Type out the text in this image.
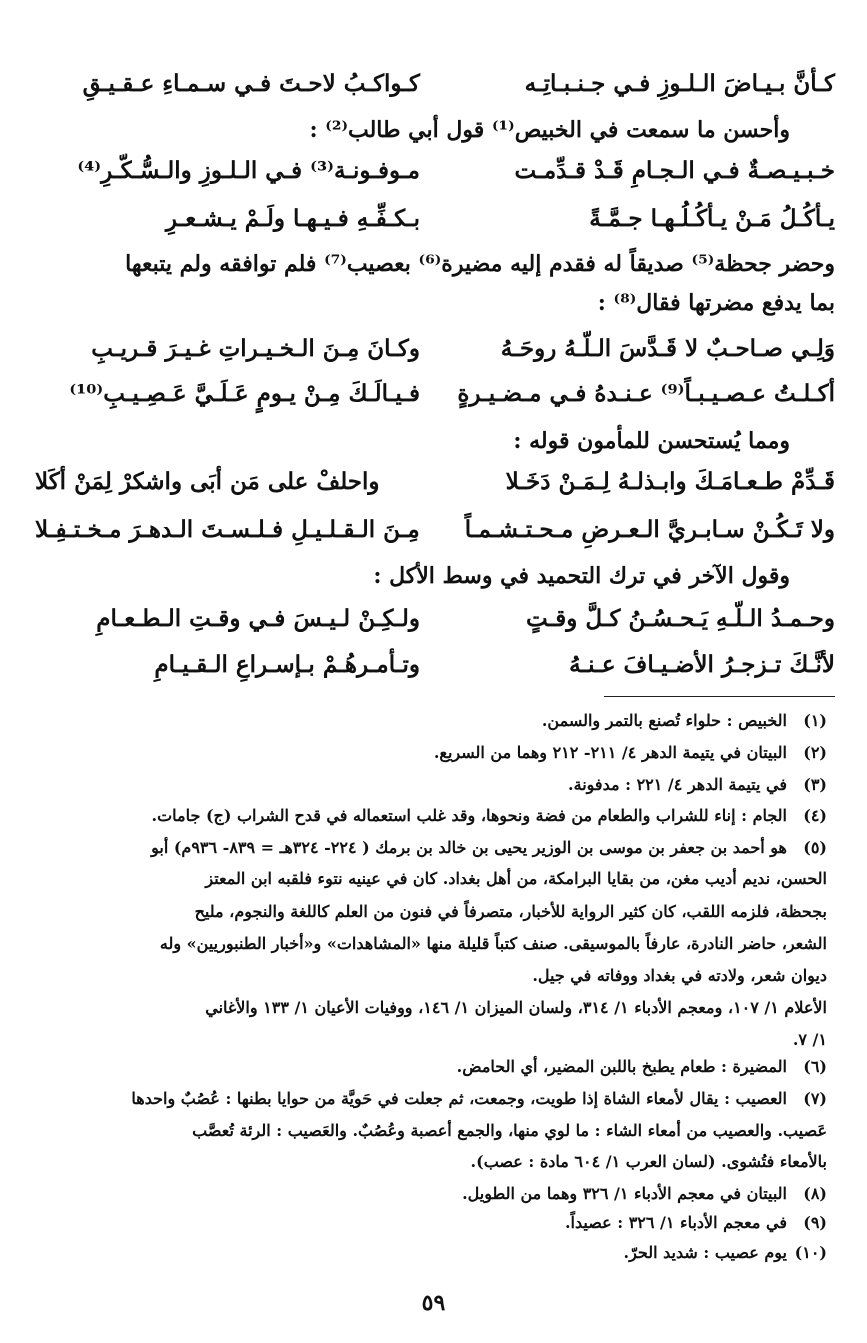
كـأنَّ بـيـاضَ الـلـوزِ فـي جـنـبـاتِـه
كـواكـبُ لاحـتَ فـي سـمـاءِ عـقـيـقِ
وأحسن ما سمعت في الخبيص⁽¹⁾ قول أبي طالب⁽²⁾ :
خـبـيـصـةٌ فـي الـجـامِ قَـدْ قـدِّمـت
مـوفـونـة⁽³⁾ فـي الـلـوزِ والـسُّـكّـرِ⁽⁴⁾
يـأكُـلُ مَـنْ يـأكُـلُـهـا جـمَّـةً
بـكـفِّـهِ فـيـهـا ولَـمْ يـشـعـرِ
وحضر جحظة⁽⁵⁾ صديقاً له فقدم إليه مضيرة⁽⁶⁾ بعصيب⁽⁷⁾ فلم توافقه ولم يتبعها
بما يدفع مضرتها فقال⁽⁸⁾ :
وَلِـي صـاحـبٌ لا قَـدَّسَ الـلّـهُ روحَـهُ
وكـانَ مِـنَ الـخـيـراتِ غـيـرَ قـريـبِ
أكـلـتُ عـصـيـبـاً⁽⁹⁾ عـنـدهُ فـي مـضـيـرةٍ
فـيـالَـكَ مِـنْ يـومٍ عَـلَـيَّ عَـصِـيـبِ⁽¹⁰⁾
ومما يُستحسن للمأمون قوله :
قَـدِّمْ طـعـامَـكَ وابـذلـهُ لِـمَـنْ دَخَـلا
واحلفْ على مَن أبَى واشكرْ لِمَنْ أكَلا
ولا تَـكُـنْ سـابـريَّ الـعـرضِ مـحـتـشـمـاً
مِـنَ الـقـلـيـلِ فـلـسـتَ الـدهـرَ مـخـتـفِـلا
وقول الآخر في ترك التحميد في وسط الأكل :
وحـمـدُ الـلّـهِ يَـحـسُـنُ كـلَّ وقـتٍ
ولـكِـنْ لـيـسَ فـي وقـتِ الـطـعـامِ
لأنَّـكَ تـزجـرُ الأضـيـافَ عـنـهُ
وتـأمـرهُـمْ بـإسـراعِ الـقـيـامِ
(١)
الخبيص : حلواء تُصنع بالتمر والسمن.
(٢)
البيتان في يتيمة الدهر ٤/ ٢١١- ٢١٢ وهما من السريع.
(٣)
في يتيمة الدهر ٤/ ٢٢١ : مدفونة.
(٤)
الجام : إناء للشراب والطعام من فضة ونحوها، وقد غلب استعماله في قدح الشراب (ج) جامات.
(٥)
هو أحمد بن جعفر بن موسى بن الوزير يحيى بن خالد بن برمك ( ٢٢٤- ٣٢٤هـ = ٨٣٩- ٩٣٦م) أبو
الحسن، نديم أديب مغن، من بقايا البرامكة، من أهل بغداد. كان في عينيه نتوء فلقبه ابن المعتز
بجحظة، فلزمه اللقب، كان كثير الرواية للأخبار، متصرفاً في فنون من العلم كاللغة والنجوم، مليح
الشعر، حاضر النادرة، عارفاً بالموسيقى. صنف كتباً قليلة منها «المشاهدات» و«أخبار الطنبوريين» وله
ديوان شعر، ولادته في بغداد ووفاته في جيل.
الأعلام ١/ ١٠٧، ومعجم الأدباء ١/ ٣١٤، ولسان الميزان ١/ ١٤٦، ووفيات الأعيان ١/ ١٣٣ والأغاني
١/ ٧.
(٦)
المضيرة : طعام يطبخ باللبن المضير، أي الحامض.
(٧)
العصيب : يقال لأمعاء الشاة إذا طويت، وجمعت، ثم جعلت في حَويَّة من حوايا بطنها : عُصُبٌ واحدها
عَصيب. والعصيب من أمعاء الشاء : ما لوي منها، والجمع أعصبة وعُصُبٌ. والعَصيب : الرئة تُعصَّب
بالأمعاء فتُشوى. (لسان العرب ١/ ٦٠٤ مادة : عصب).
(٨)
البيتان في معجم الأدباء ١/ ٣٢٦ وهما من الطويل.
(٩)
في معجم الأدباء ١/ ٣٢٦ : عصيداً.
(١٠)
يوم عصيب : شديد الحرّ.
٥٩
